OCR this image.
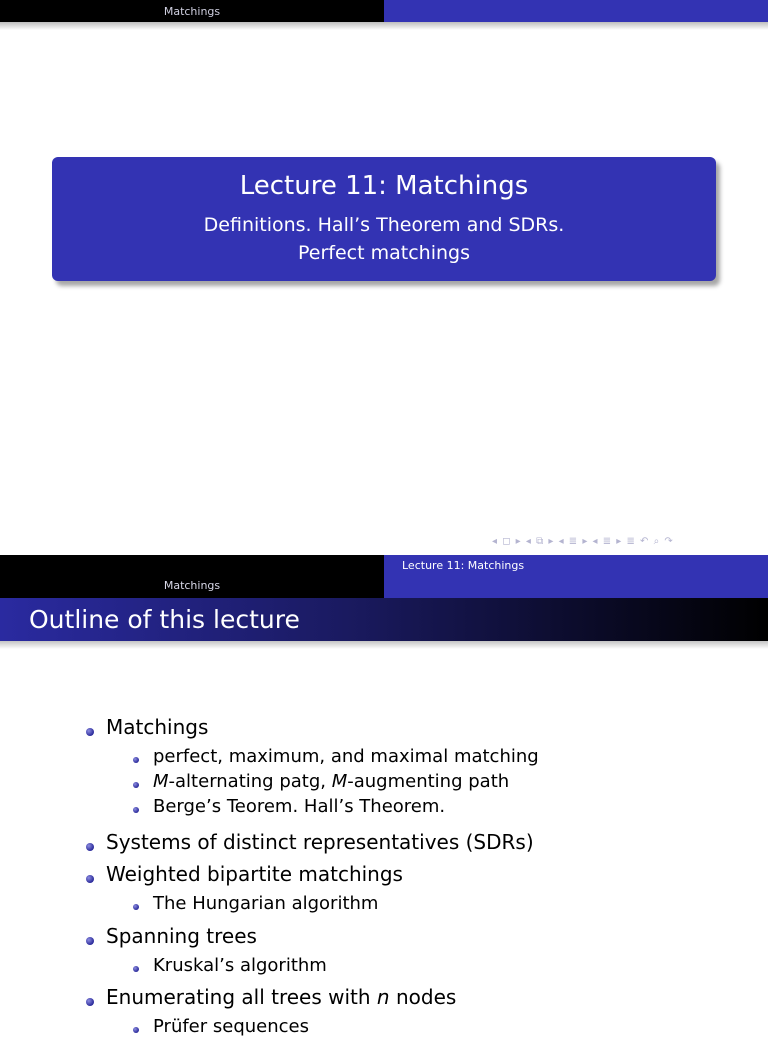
Matchings
Lecture 11: Matchings
Definitions. Hall’s Theorem and SDRs.
Perfect matchings
◂ ◻ ▸ ◂ ⧉ ▸ ◂ ≣ ▸ ◂ ≣ ▸ ≣ ↶ ⌕ ↷
Matchings
Lecture 11: Matchings
Outline of this lecture
Matchings
perfect, maximum, and maximal matching
M-alternating patg, M-augmenting path
Berge’s Teorem. Hall’s Theorem.
Systems of distinct representatives (SDRs)
Weighted bipartite matchings
The Hungarian algorithm
Spanning trees
Kruskal’s algorithm
Enumerating all trees with n nodes
Prüfer sequences
